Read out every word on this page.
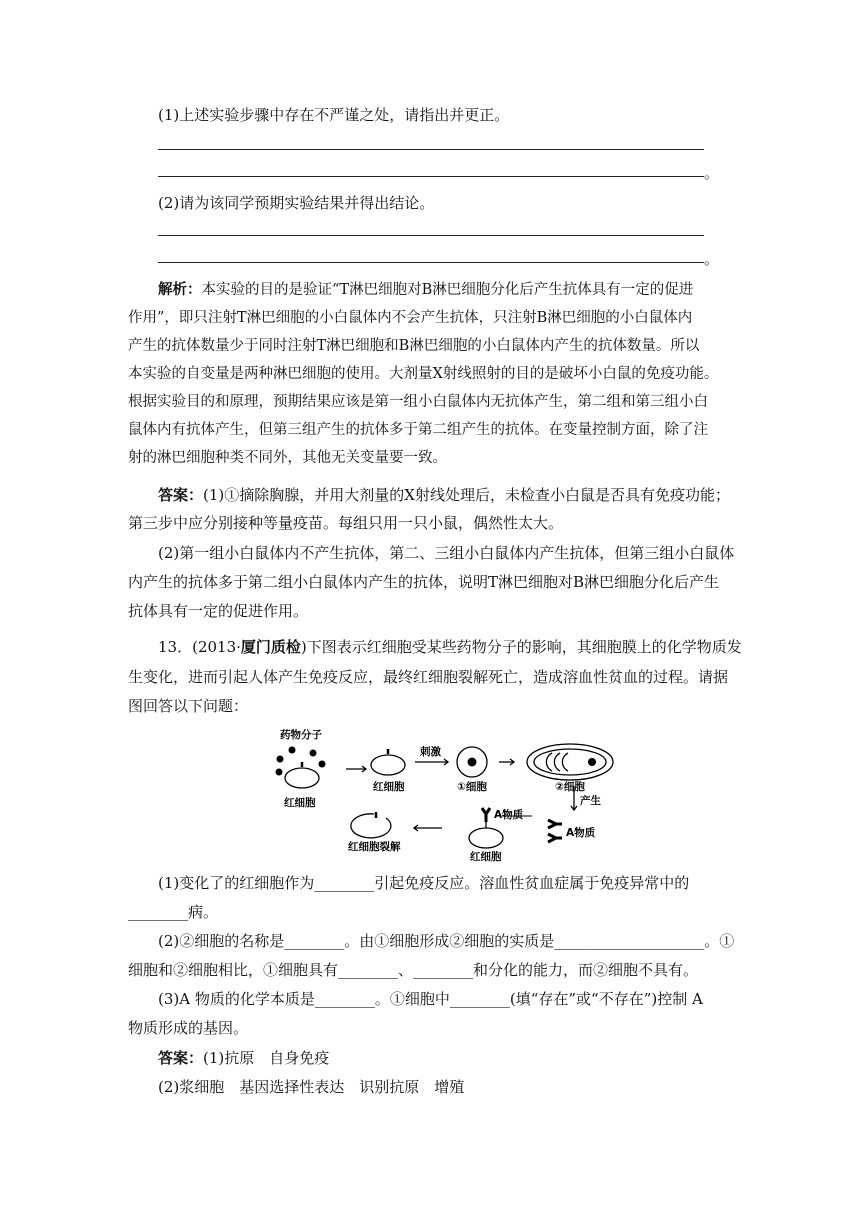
(1)上述实验步骤中存在不严谨之处，请指出并更正。
。
(2)请为该同学预期实验结果并得出结论。
。
解析：本实验的目的是验证“T淋巴细胞对B淋巴细胞分化后产生抗体具有一定的促进
作用”，即只注射T淋巴细胞的小白鼠体内不会产生抗体，只注射B淋巴细胞的小白鼠体内
产生的抗体数量少于同时注射T淋巴细胞和B淋巴细胞的小白鼠体内产生的抗体数量。所以
本实验的自变量是两种淋巴细胞的使用。大剂量X射线照射的目的是破坏小白鼠的免疫功能。
根据实验目的和原理，预期结果应该是第一组小白鼠体内无抗体产生，第二组和第三组小白
鼠体内有抗体产生，但第三组产生的抗体多于第二组产生的抗体。在变量控制方面，除了注
射的淋巴细胞种类不同外，其他无关变量要一致。
答案：(1)①摘除胸腺，并用大剂量的X射线处理后，未检查小白鼠是否具有免疫功能；
第三步中应分别接种等量疫苗。每组只用一只小鼠，偶然性太大。
(2)第一组小白鼠体内不产生抗体，第二、三组小白鼠体内产生抗体，但第三组小白鼠体
内产生的抗体多于第二组小白鼠体内产生的抗体，说明T淋巴细胞对B淋巴细胞分化后产生
抗体具有一定的促进作用。
13．(2013·厦门质检)下图表示红细胞受某些药物分子的影响，其细胞膜上的化学物质发
生变化，进而引起人体产生免疫反应，最终红细胞裂解死亡，造成溶血性贫血的过程。请据
图回答以下问题：
药物分子
红细胞
红细胞
刺激
①细胞	②细胞
产生
A物质
A物质
红细胞
红细胞裂解
(1)变化了的红细胞作为________引起免疫反应。溶血性贫血症属于免疫异常中的
________病。
(2)②细胞的名称是________。由①细胞形成②细胞的实质是____________________。①
细胞和②细胞相比，①细胞具有________、________和分化的能力，而②细胞不具有。
(3)A 物质的化学本质是________。①细胞中________(填“存在”或“不存在”)控制 A
物质形成的基因。
答案：(1)抗原　自身免疫
(2)浆细胞　基因选择性表达　识别抗原　增殖
